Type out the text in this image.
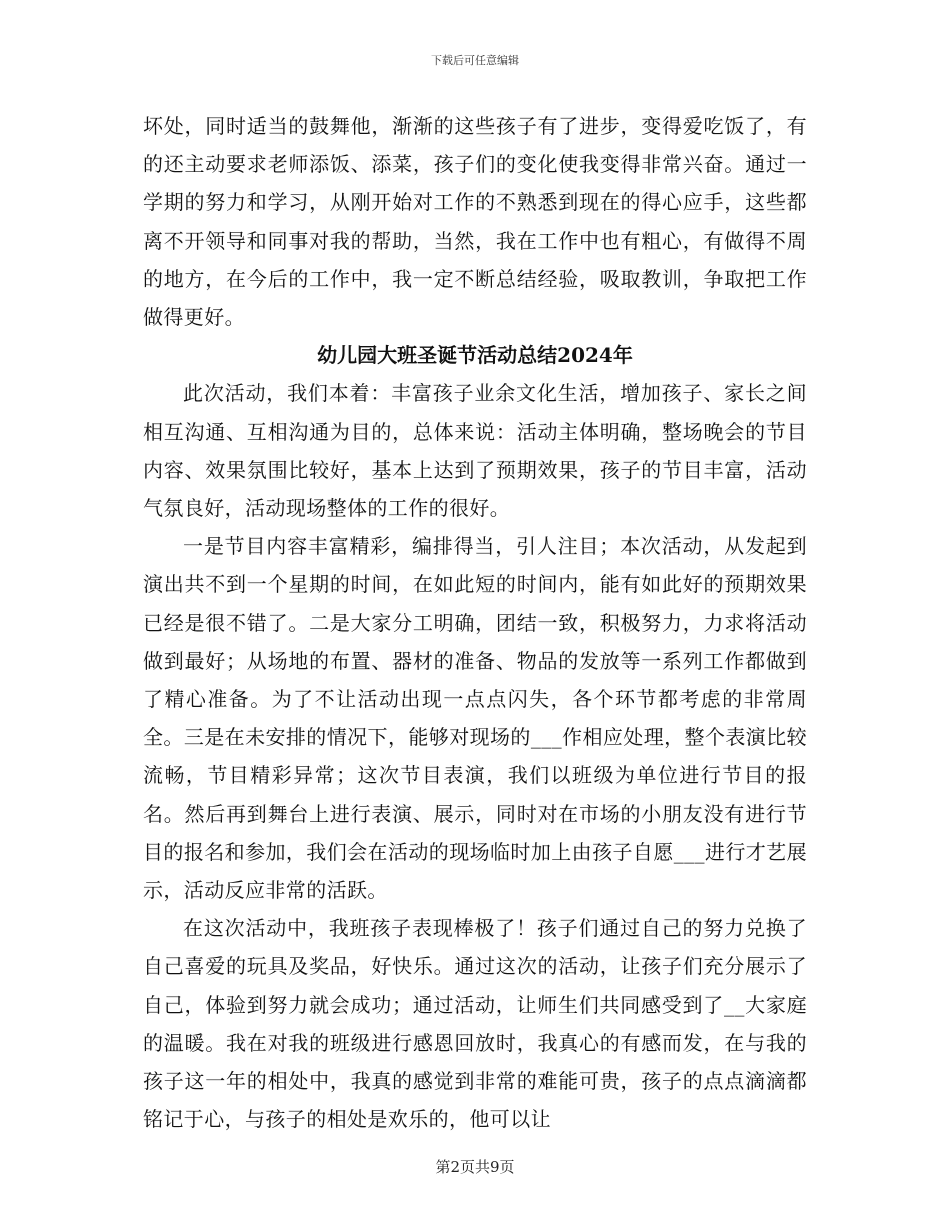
下载后可任意编辑

坏处，同时适当的鼓舞他，渐渐的这些孩子有了进步，变得爱吃饭了，有的还主动要求老师添饭、添菜，孩子们的变化使我变得非常兴奋。通过一学期的努力和学习，从刚开始对工作的不熟悉到现在的得心应手，这些都离不开领导和同事对我的帮助，当然，我在工作中也有粗心，有做得不周的地方，在今后的工作中，我一定不断总结经验，吸取教训，争取把工作做得更好。

幼儿园大班圣诞节活动总结2024年

此次活动，我们本着：丰富孩子业余文化生活，增加孩子、家长之间相互沟通、互相沟通为目的，总体来说：活动主体明确，整场晚会的节目内容、效果氛围比较好，基本上达到了预期效果，孩子的节目丰富，活动气氛良好，活动现场整体的工作的很好。

一是节目内容丰富精彩，编排得当，引人注目；本次活动，从发起到演出共不到一个星期的时间，在如此短的时间内，能有如此好的预期效果已经是很不错了。二是大家分工明确，团结一致，积极努力，力求将活动做到最好；从场地的布置、器材的准备、物品的发放等一系列工作都做到了精心准备。为了不让活动出现一点点闪失，各个环节都考虑的非常周全。三是在未安排的情况下，能够对现场的___作相应处理，整个表演比较流畅，节目精彩异常；这次节目表演，我们以班级为单位进行节目的报名。然后再到舞台上进行表演、展示，同时对在市场的小朋友没有进行节目的报名和参加，我们会在活动的现场临时加上由孩子自愿___进行才艺展示，活动反应非常的活跃。

在这次活动中，我班孩子表现棒极了！孩子们通过自己的努力兑换了自己喜爱的玩具及奖品，好快乐。通过这次的活动，让孩子们充分展示了自己，体验到努力就会成功；通过活动，让师生们共同感受到了__大家庭的温暖。我在对我的班级进行感恩回放时，我真心的有感而发，在与我的孩子这一年的相处中，我真的感觉到非常的难能可贵，孩子的点点滴滴都铭记于心，与孩子的相处是欢乐的，他可以让

第2页共9页
